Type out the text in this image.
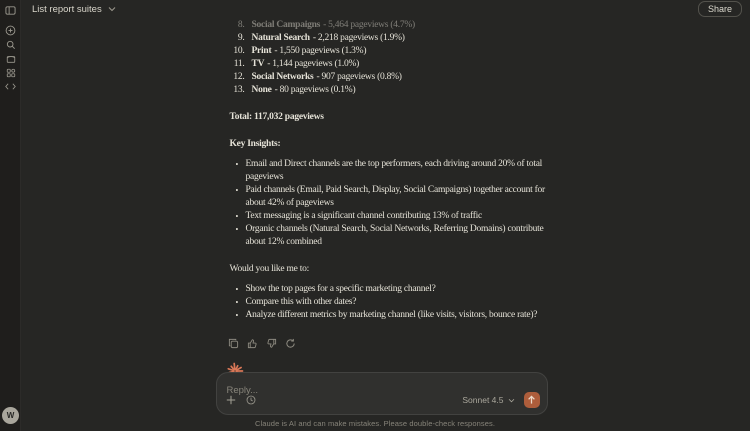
W
List report suites	Share
8. Social Campaigns - 5,464 pageviews (4.7%)
9. Natural Search - 2,218 pageviews (1.9%)
10. Print - 1,550 pageviews (1.3%)
11. TV - 1,144 pageviews (1.0%)
12. Social Networks - 907 pageviews (0.8%)
13. None - 80 pageviews (0.1%)
Total: 117,032 pageviews
Key Insights:
• Email and Direct channels are the top performers, each driving around 20% of total pageviews
• Paid channels (Email, Paid Search, Display, Social Campaigns) together account for about 42% of pageviews
• Text messaging is a significant channel contributing 13% of traffic
• Organic channels (Natural Search, Social Networks, Referring Domains) contribute about 12% combined
Would you like me to:
• Show the top pages for a specific marketing channel?
• Compare this with other dates?
• Analyze different metrics by marketing channel (like visits, visitors, bounce rate)?
Reply...
Sonnet 4.5
Claude is AI and can make mistakes. Please double-check responses.
